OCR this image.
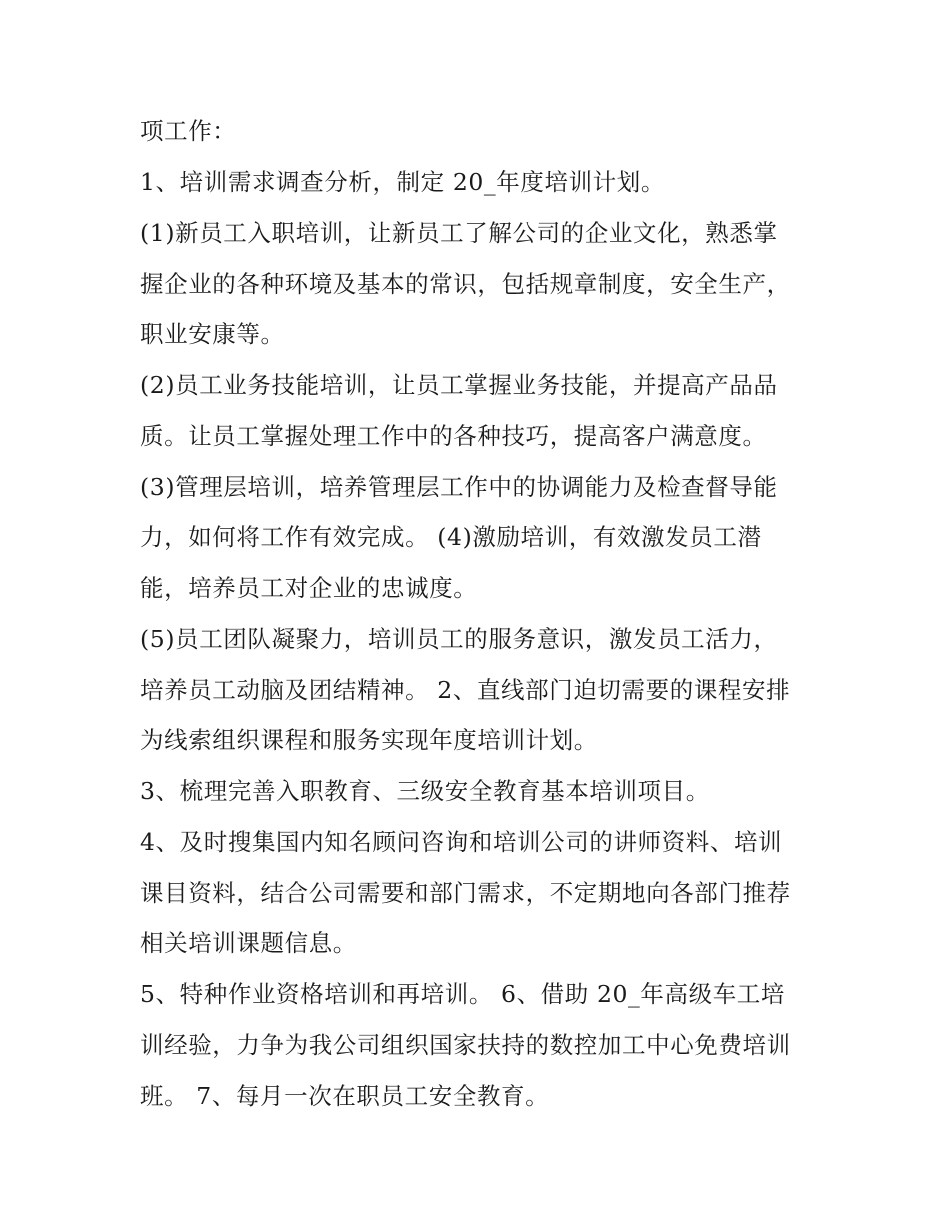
项工作：
1、培训需求调查分析，制定 20_年度培训计划。
(1)新员工入职培训，让新员工了解公司的企业文化，熟悉掌
握企业的各种环境及基本的常识，包括规章制度，安全生产，
职业安康等。
(2)员工业务技能培训，让员工掌握业务技能，并提高产品品
质。让员工掌握处理工作中的各种技巧，提高客户满意度。
(3)管理层培训，培养管理层工作中的协调能力及检查督导能
力，如何将工作有效完成。 (4)激励培训，有效激发员工潜
能，培养员工对企业的忠诚度。
(5)员工团队凝聚力，培训员工的服务意识，激发员工活力，
培养员工动脑及团结精神。 2、直线部门迫切需要的课程安排
为线索组织课程和服务实现年度培训计划。
3、梳理完善入职教育、三级安全教育基本培训项目。
4、及时搜集国内知名顾问咨询和培训公司的讲师资料、培训
课目资料，结合公司需要和部门需求，不定期地向各部门推荐
相关培训课题信息。
5、特种作业资格培训和再培训。 6、借助 20_年高级车工培
训经验，力争为我公司组织国家扶持的数控加工中心免费培训
班。 7、每月一次在职员工安全教育。
